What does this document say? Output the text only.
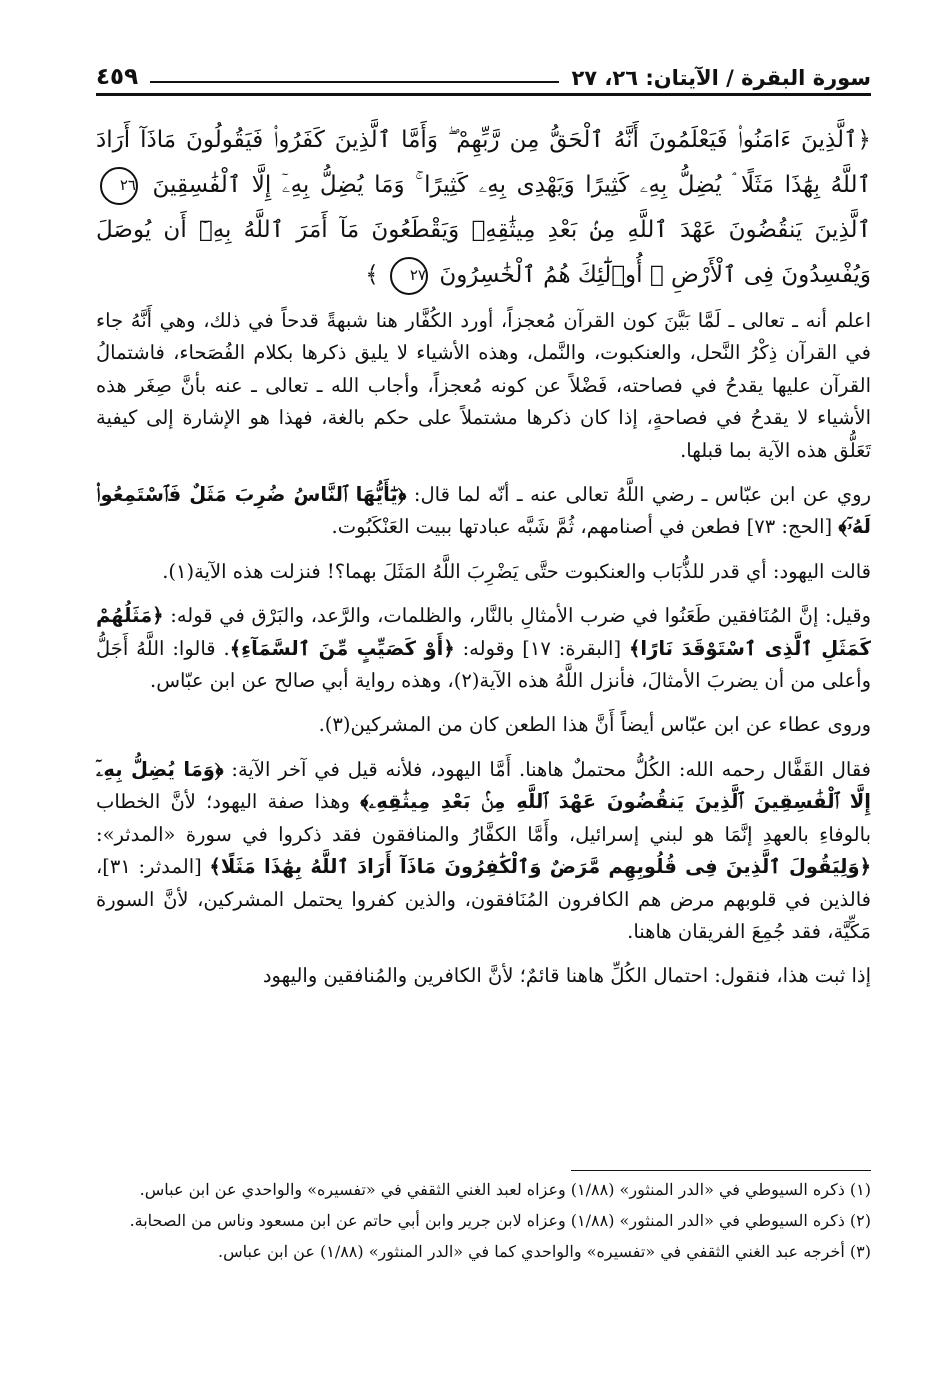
سورة البقرة / الآيتان: ٢٦، ٢٧
٤٥٩
﴿ٱلَّذِينَ ءَامَنُوا۟ فَيَعْلَمُونَ أَنَّهُ ٱلْحَقُّ مِن رَّبِّهِمْ ۖ وَأَمَّا ٱلَّذِينَ كَفَرُوا۟ فَيَقُولُونَ مَاذَآ أَرَادَ ٱللَّهُ بِهَٰذَا مَثَلًا ۘ يُضِلُّ بِهِۦ كَثِيرًا وَيَهْدِى بِهِۦ كَثِيرًا ۚ وَمَا يُضِلُّ بِهِۦٓ إِلَّا ٱلْفَٰسِقِينَ ٢٦ ٱلَّذِينَ يَنقُضُونَ عَهْدَ ٱللَّهِ مِنۢ بَعْدِ مِيثَٰقِهِۦ وَيَقْطَعُونَ مَآ أَمَرَ ٱللَّهُ بِهِۦٓ أَن يُوصَلَ وَيُفْسِدُونَ فِى ٱلْأَرْضِ ۚ أُو۟لَٰٓئِكَ هُمُ ٱلْخَٰسِرُونَ ٢٧ ﴾

اعلم أنه ـ تعالى ـ لَمَّا بَيَّنَ كون القرآن مُعجزاً، أورد الكُفَّار هنا شبهةً قدحاً في ذلك، وهي أَنَّهُ جاء في القرآن ذِكْرُ النَّحل، والعنكبوت، والنَّمل، وهذه الأشياء لا يليق ذكرها بكلام الفُصَحاء، فاشتمالُ القرآن عليها يقدحُ في فصاحته، فَضْلاً عن كونه مُعجزاً، وأجاب الله ـ تعالى ـ عنه بأنَّ صِغَر هذه الأشياء لا يقدحُ في فصاحةٍ، إذا كان ذكرها مشتملاً على حكم بالغة، فهذا هو الإشارة إلى كيفية تَعَلُّق هذه الآية بما قبلها.

روي عن ابن عبّاس ـ رضي اللَّهُ تعالى عنه ـ أنّه لما قال: ﴿يَٰٓأَيُّهَا ٱلنَّاسُ ضُرِبَ مَثَلٌ فَٱسْتَمِعُوا۟ لَهُۥٓ﴾ [الحج: ٧٣] فطعن في أصنامهم، ثُمَّ شَبَّه عبادتها ببيت العَنْكَبُوت.

قالت اليهود: أي قدر للذُّبَاب والعنكبوت حتَّى يَضْرِبَ اللَّهُ المَثَلَ بهما؟! فنزلت هذه الآية(١).

وقيل: إنَّ المُنَافقين طَعَنُوا في ضرب الأمثالِ بالنَّار، والظلمات، والرَّعد، والبَرْق في قوله: ﴿مَثَلُهُمْ كَمَثَلِ ٱلَّذِى ٱسْتَوْقَدَ نَارًا﴾ [البقرة: ١٧] وقوله: ﴿أَوْ كَصَيِّبٍ مِّنَ ٱلسَّمَآءِ﴾. قالوا: اللَّهُ أَجَلُّ وأعلى من أن يضربَ الأمثالَ، فأنزل اللَّهُ هذه الآية(٢)، وهذه رواية أبي صالح عن ابن عبّاس.

وروى عطاء عن ابن عبّاس أيضاً أَنَّ هذا الطعن كان من المشركين(٣).

فقال القَفَّال رحمه الله: الكُلُّ محتملٌ هاهنا. أَمَّا اليهود، فلأنه قيل في آخر الآية: ﴿وَمَا يُضِلُّ بِهِۦٓ إِلَّا ٱلْفَٰسِقِينَ ٱلَّذِينَ يَنقُضُونَ عَهْدَ ٱللَّهِ مِنۢ بَعْدِ مِيثَٰقِهِۦ﴾ وهذا صفة اليهود؛ لأنَّ الخطاب بالوفاءِ بالعهدِ إنَّمَا هو لبني إسرائيل، وأَمَّا الكفَّارُ والمنافقون فقد ذكروا في سورة «المدثر»: ﴿وَلِيَقُولَ ٱلَّذِينَ فِى قُلُوبِهِم مَّرَضٌ وَٱلْكَٰفِرُونَ مَاذَآ أَرَادَ ٱللَّهُ بِهَٰذَا مَثَلًا﴾ [المدثر: ٣١]، فالذين في قلوبهم مرض هم الكافرون المُنَافقون، والذين كفروا يحتمل المشركين، لأنَّ السورة مَكِّيَّة، فقد جُمِعَ الفريقان هاهنا.

إذا ثبت هذا، فنقول: احتمال الكُلِّ هاهنا قائمٌ؛ لأنَّ الكافرين والمُنافقين واليهود

(١) ذكره السيوطي في «الدر المنثور» (١/٨٨) وعزاه لعبد الغني الثقفي في «تفسيره» والواحدي عن ابن عباس.

(٢) ذكره السيوطي في «الدر المنثور» (١/٨٨) وعزاه لابن جرير وابن أبي حاتم عن ابن مسعود وناس من الصحابة.

(٣) أخرجه عبد الغني الثقفي في «تفسيره» والواحدي كما في «الدر المنثور» (١/٨٨) عن ابن عباس.
